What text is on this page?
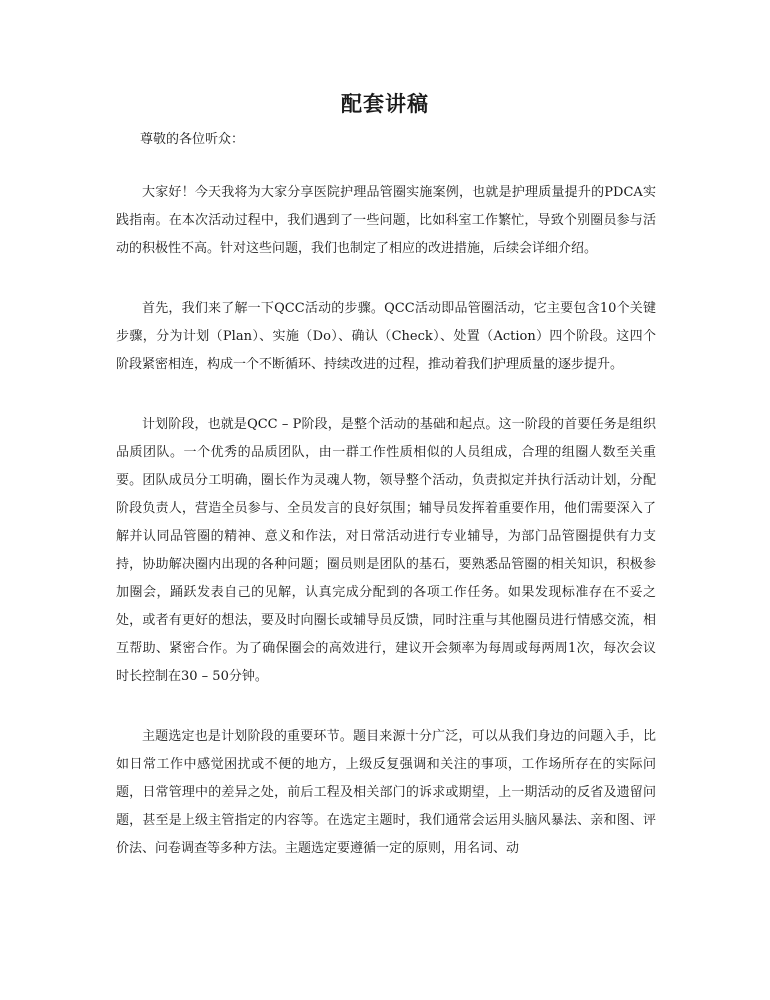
配套讲稿

尊敬的各位听众：

大家好！今天我将为大家分享医院护理品管圈实施案例，也就是护理质量提升的PDCA实践指南。在本次活动过程中，我们遇到了一些问题，比如科室工作繁忙，导致个别圈员参与活动的积极性不高。针对这些问题，我们也制定了相应的改进措施，后续会详细介绍。

首先，我们来了解一下QCC活动的步骤。QCC活动即品管圈活动，它主要包含10个关键步骤，分为计划（Plan）、实施（Do）、确认（Check）、处置（Action）四个阶段。这四个阶段紧密相连，构成一个不断循环、持续改进的过程，推动着我们护理质量的逐步提升。

计划阶段，也就是QCC – P阶段，是整个活动的基础和起点。这一阶段的首要任务是组织品质团队。一个优秀的品质团队，由一群工作性质相似的人员组成，合理的组圈人数至关重要。团队成员分工明确，圈长作为灵魂人物，领导整个活动，负责拟定并执行活动计划，分配阶段负责人，营造全员参与、全员发言的良好氛围；辅导员发挥着重要作用，他们需要深入了解并认同品管圈的精神、意义和作法，对日常活动进行专业辅导，为部门品管圈提供有力支持，协助解决圈内出现的各种问题；圈员则是团队的基石，要熟悉品管圈的相关知识，积极参加圈会，踊跃发表自己的见解，认真完成分配到的各项工作任务。如果发现标准存在不妥之处，或者有更好的想法，要及时向圈长或辅导员反馈，同时注重与其他圈员进行情感交流，相互帮助、紧密合作。为了确保圈会的高效进行，建议开会频率为每周或每两周1次，每次会议时长控制在30 – 50分钟。

主题选定也是计划阶段的重要环节。题目来源十分广泛，可以从我们身边的问题入手，比如日常工作中感觉困扰或不便的地方，上级反复强调和关注的事项，工作场所存在的实际问题，日常管理中的差异之处，前后工程及相关部门的诉求或期望，上一期活动的反省及遗留问题，甚至是上级主管指定的内容等。在选定主题时，我们通常会运用头脑风暴法、亲和图、评价法、问卷调查等多种方法。主题选定要遵循一定的原则，用名词、动
